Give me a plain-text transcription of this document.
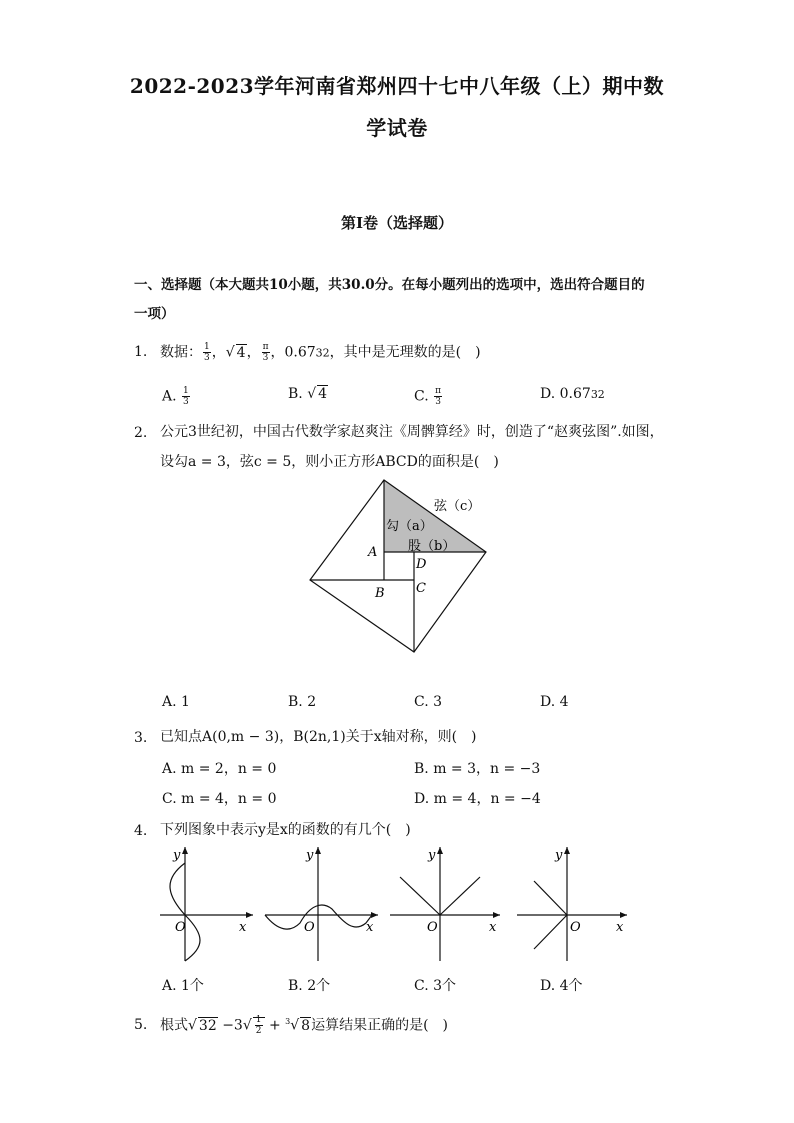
2022-2023学年河南省郑州四十七中八年级（上）期中数
学试卷
第I卷（选择题）
一、选择题（本大题共10小题，共30.0分。在每小题列出的选项中，选出符合题目的
一项）
1. 数据： $\frac{1}{3}$ ，√ 4， $\frac{\pi}{3}$ ，0.6732，其中是无理数的是(　)
A. $\frac{1}{3}$	B. √ 4	C. $\frac{\pi}{3}$	D. 0.6732
2. 公元3世纪初，中国古代数学家赵爽注《周髀算经》时，创造了“赵爽弦图”.如图，
设勾a = 3，弦c = 5，则小正方形ABCD的面积是(　)
弦（c）
勾（a）
股（b）
A
D
B C
A. 1	B. 2	C. 3	D. 4
3. 已知点A(0,m − 3)，B(2n,1)关于x轴对称，则(　)
A. m = 2，n = 0	B. m = 3，n = −3
C. m = 4，n = 0	D. m = 4，n = −4
4. 下列图象中表示y是x的函数的有几个(　)
x
y
O	x
y
O	x
y
O	x
y
O
A. 1个	B. 2个	C. 3个	D. 4个
5. 根式√ $32 -3√ \frac{1}{2} + ^3√$ 8运算结果正确的是(　)
